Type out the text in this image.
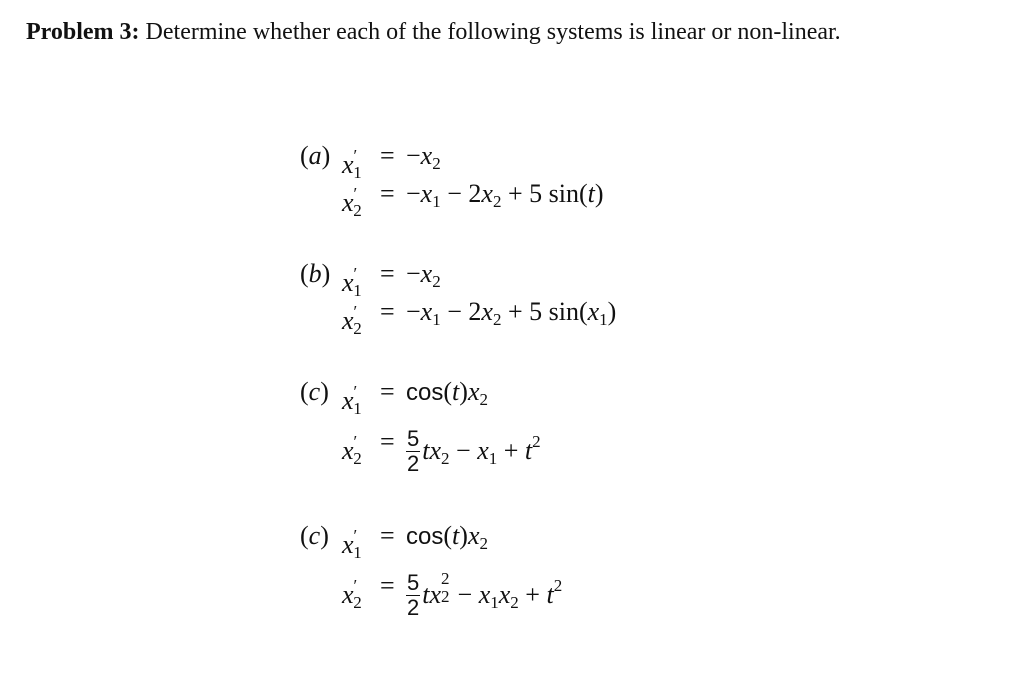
Problem 3: Determine whether each of the following systems is linear or non-linear.
(a) $x'_1$
= $-x_2$
$x'_2$
= $-x_1 - 2x_2 + 5$ sin(t)
(b) $x'_1$
= $-x_2$
$x'_2$
= $-x_1 - 2x_2 + 5$ $\sin(x_1)$
(c) $x'_1$
= $\cos(t)x_2$
$x'_2$
= $\frac{5}{2} tx_2 - x_1 + t^2$
(c) $x'_1$
= $\cos(t)x_2$
$x'_2$
= $\frac{5}{2}$ tx
2
$2 - x_1x_2 + t^2$
